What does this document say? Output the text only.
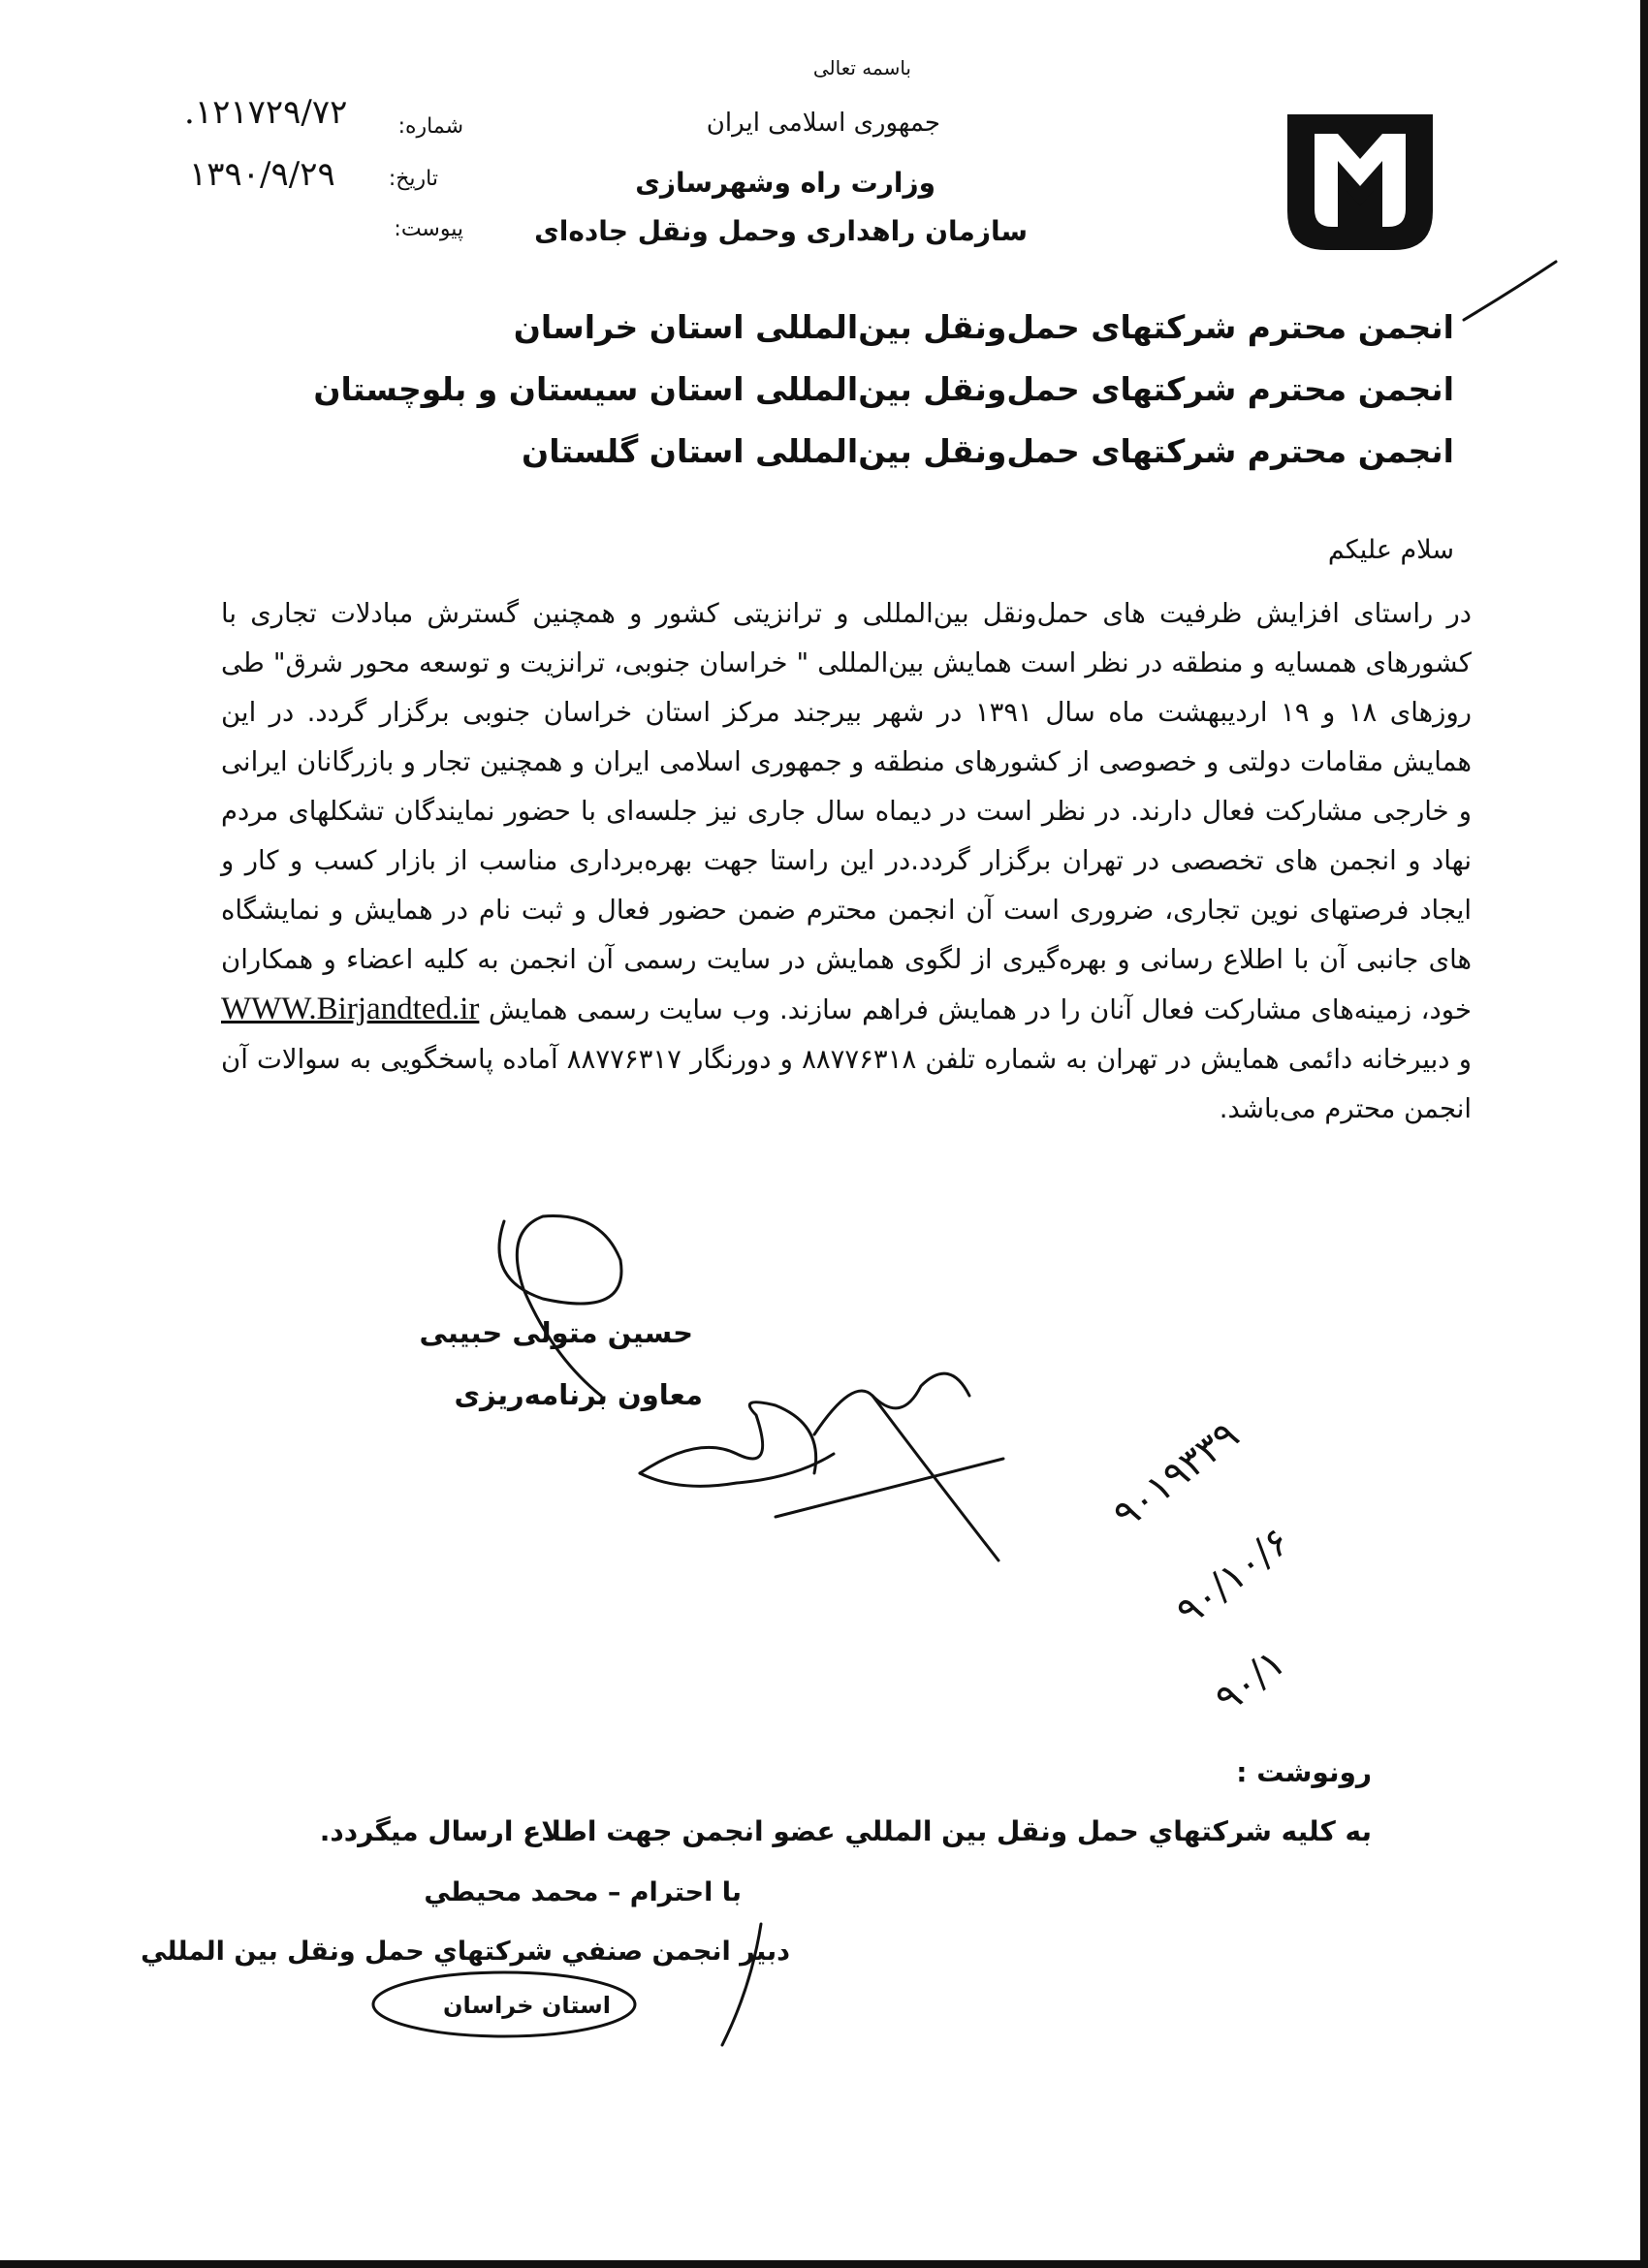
باسمه تعالی
جمهوری اسلامی ایران
وزارت راه وشهرسازی
سازمان راهداری وحمل ونقل جاده‌ای
شماره:
۱۲۱۷۲۹/۷۲.
تاریخ:
۱۳۹۰/۹/۲۹
پیوست:
انجمن محترم شرکتهای حمل‌ونقل بین‌المللی استان خراسان
انجمن محترم شرکتهای حمل‌ونقل بین‌المللی استان سیستان و بلوچستان
انجمن محترم شرکتهای حمل‌ونقل بین‌المللی استان گلستان
سلام علیکم
در راستای افزایش ظرفیت های حمل‌ونقل بین‌المللی و ترانزیتی کشور و همچنین گسترش مبادلات تجاری با کشورهای همسایه و منطقه در نظر است همایش بین‌المللی " خراسان جنوبی، ترانزیت و توسعه محور شرق" طی روزهای ۱۸ و ۱۹ اردیبهشت ماه سال ۱۳۹۱ در شهر بیرجند مرکز استان خراسان جنوبی برگزار گردد. در این همایش مقامات دولتی و خصوصی از کشورهای منطقه و جمهوری اسلامی ایران و همچنین تجار و بازرگانان ایرانی و خارجی مشارکت فعال دارند. در نظر است در دیماه سال جاری نیز جلسه‌ای با حضور نمایندگان تشکلهای مردم نهاد و انجمن های تخصصی در تهران برگزار گردد.در این راستا جهت بهره‌برداری مناسب از بازار کسب و کار و ایجاد فرصتهای نوین تجاری، ضروری است آن انجمن محترم ضمن حضور فعال و ثبت نام در همایش و نمایشگاه های جانبی آن با اطلاع رسانی و بهره‌گیری از لگوی همایش در سایت رسمی آن انجمن به کلیه اعضاء و همکاران خود، زمینه‌های مشارکت فعال آنان را در همایش فراهم سازند. وب سایت رسمی همایش WWW.Birjandted.ir و دبیرخانه دائمی همایش در تهران به شماره تلفن ۸۸۷۷۶۳۱۸ و دورنگار ۸۸۷۷۶۳۱۷ آماده پاسخگویی به سوالات آن انجمن محترم می‌باشد.
حسین متولی حبیبی
معاون برنامه‌ریزی
۹۰۱۹۳۳۹
۹۰/۱۰/۶
۹۰/۱
رونوشت :
به کلیه شرکتهاي حمل ونقل بین المللي عضو انجمن جهت اطلاع ارسال میگردد.
با احترام – محمد محیطي
دبیر انجمن صنفي شرکتهاي حمل ونقل بین المللي
استان خراسان
